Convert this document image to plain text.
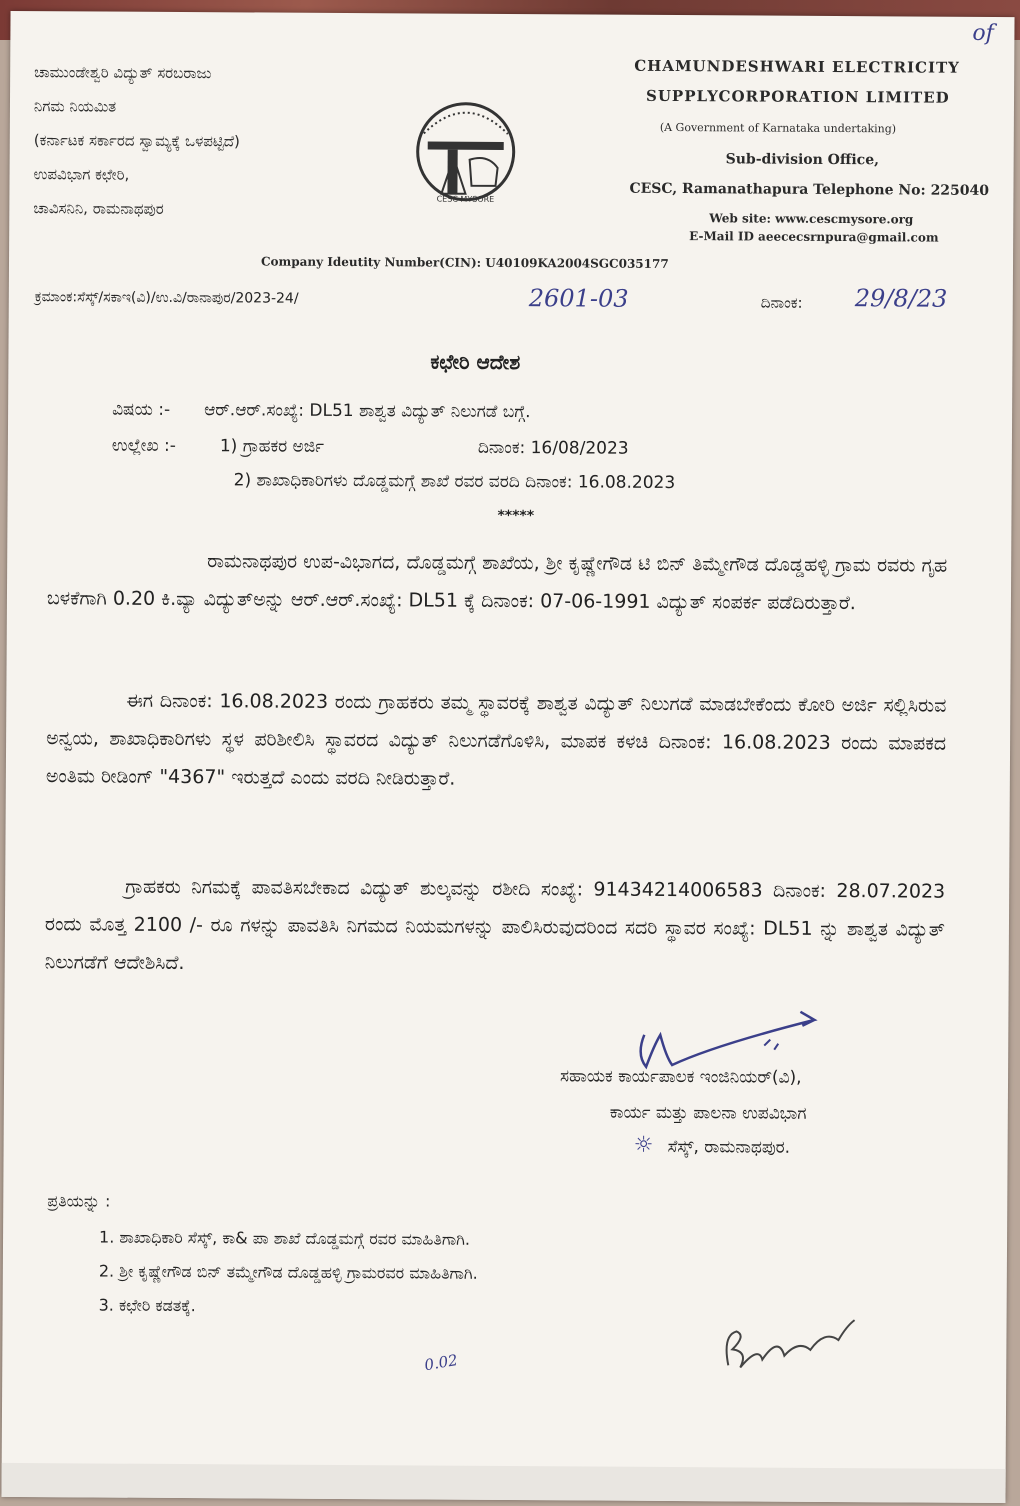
ಚಾಮುಂಡೇಶ್ವರಿ ವಿದ್ಯುತ್ ಸರಬರಾಜು
ನಿಗಮ ನಿಯಮಿತ
(ಕರ್ನಾಟಕ ಸರ್ಕಾರದ ಸ್ವಾಮ್ಯಕ್ಕೆ ಒಳಪಟ್ಟಿದೆ)
ಉಪವಿಭಾಗ ಕಛೇರಿ,
ಚಾವಿಸನಿನಿ, ರಾಮನಾಥಪುರ	CESC MYSORE
CHAMUNDESHWARI ELECTRICITY
SUPPLYCORPORATION LIMITED
(A Government of Karnataka undertaking)
Sub-division Office,
CESC, Ramanathapura Telephone No: 225040
Web site: www.cescmysore.org
E-Mail ID aeececsrnpura@gmail.com
Company Ideutity Number(CIN): U40109KA2004SGC035177
of
ಕ್ರಮಾಂಕ:ಸೆಸ್ಕ್/ಸಕಾಇ(ವಿ)/ಉ.ವಿ/ರಾನಾಪುರ/2023-24/	2601-03	ದಿನಾಂಕ: 29/8/23
ಕಛೇರಿ ಆದೇಶ
ವಿಷಯ :- ಆರ್.ಆರ್.ಸಂಖ್ಯೆ: DL51 ಶಾಶ್ವತ ವಿದ್ಯುತ್ ನಿಲುಗಡೆ ಬಗ್ಗೆ.
ಉಲ್ಲೇಖ :-	1) ಗ್ರಾಹಕರ ಅರ್ಜಿ	ದಿನಾಂಕ: 16/08/2023
2) ಶಾಖಾಧಿಕಾರಿಗಳು ದೊಡ್ಡಮಗ್ಗೆ ಶಾಖೆ ರವರ ವರದಿ ದಿನಾಂಕ: 16.08.2023
*****
ರಾಮನಾಥಪುರ ಉಪ-ವಿಭಾಗದ, ದೊಡ್ಡಮಗ್ಗೆ ಶಾಖೆಯ, ಶ್ರೀ ಕೃಷ್ಣೇಗೌಡ ಟಿ ಬಿನ್ ತಿಮ್ಮೇಗೌಡ ದೊಡ್ಡಹಳ್ಳಿ ಗ್ರಾಮ ರವರು ಗೃಹ ಬಳಕೆಗಾಗಿ 0.20 ಕಿ.ವ್ಯಾ ವಿದ್ಯುತ್‌ಅನ್ನು ಆರ್.ಆರ್.ಸಂಖ್ಯೆ: DL51 ಕ್ಕೆ ದಿನಾಂಕ: 07-06-1991 ವಿದ್ಯುತ್ ಸಂಪರ್ಕ ಪಡೆದಿರುತ್ತಾರೆ.
ಈಗ ದಿನಾಂಕ: 16.08.2023 ರಂದು ಗ್ರಾಹಕರು ತಮ್ಮ ಸ್ಥಾವರಕ್ಕೆ ಶಾಶ್ವತ ವಿದ್ಯುತ್ ನಿಲುಗಡೆ ಮಾಡಬೇಕೆಂದು ಕೋರಿ ಅರ್ಜಿ ಸಲ್ಲಿಸಿರುವ ಅನ್ವಯ, ಶಾಖಾಧಿಕಾರಿಗಳು ಸ್ಥಳ ಪರಿಶೀಲಿಸಿ ಸ್ಥಾವರದ ವಿದ್ಯುತ್ ನಿಲುಗಡೆಗೊಳಿಸಿ, ಮಾಪಕ ಕಳಚಿ ದಿನಾಂಕ: 16.08.2023 ರಂದು ಮಾಪಕದ ಅಂತಿಮ ರೀಡಿಂಗ್ "4367" ಇರುತ್ತದೆ ಎಂದು ವರದಿ ನೀಡಿರುತ್ತಾರೆ.
ಗ್ರಾಹಕರು ನಿಗಮಕ್ಕೆ ಪಾವತಿಸಬೇಕಾದ ವಿದ್ಯುತ್ ಶುಲ್ಕವನ್ನು ರಶೀದಿ ಸಂಖ್ಯೆ: 91434214006583 ದಿನಾಂಕ: 28.07.2023 ರಂದು ಮೊತ್ತ 2100 /- ರೂ ಗಳನ್ನು ಪಾವತಿಸಿ ನಿಗಮದ ನಿಯಮಗಳನ್ನು ಪಾಲಿಸಿರುವುದರಿಂದ ಸದರಿ ಸ್ಥಾವರ ಸಂಖ್ಯೆ: DL51 ನ್ನು ಶಾಶ್ವತ ವಿದ್ಯುತ್ ನಿಲುಗಡೆಗೆ ಆದೇಶಿಸಿದೆ.
ಸಹಾಯಕ ಕಾರ್ಯಪಾಲಕ ಇಂಜಿನಿಯರ್(ವಿ),
ಕಾರ್ಯ ಮತ್ತು ಪಾಲನಾ ಉಪವಿಭಾಗ
☼ ಸೆಸ್ಕ್, ರಾಮನಾಥಪುರ.
ಪ್ರತಿಯನ್ನು :
1. ಶಾಖಾಧಿಕಾರಿ ಸೆಸ್ಕ್, ಕಾ& ಪಾ ಶಾಖೆ ದೊಡ್ಡಮಗ್ಗೆ ರವರ ಮಾಹಿತಿಗಾಗಿ.
2. ಶ್ರೀ ಕೃಷ್ಣೇಗೌಡ ಬಿನ್ ತಮ್ಮೇಗೌಡ ದೊಡ್ಡಹಳ್ಳಿ ಗ್ರಾಮರವರ ಮಾಹಿತಿಗಾಗಿ.
3. ಕಛೇರಿ ಕಡತಕ್ಕೆ.
0.02
